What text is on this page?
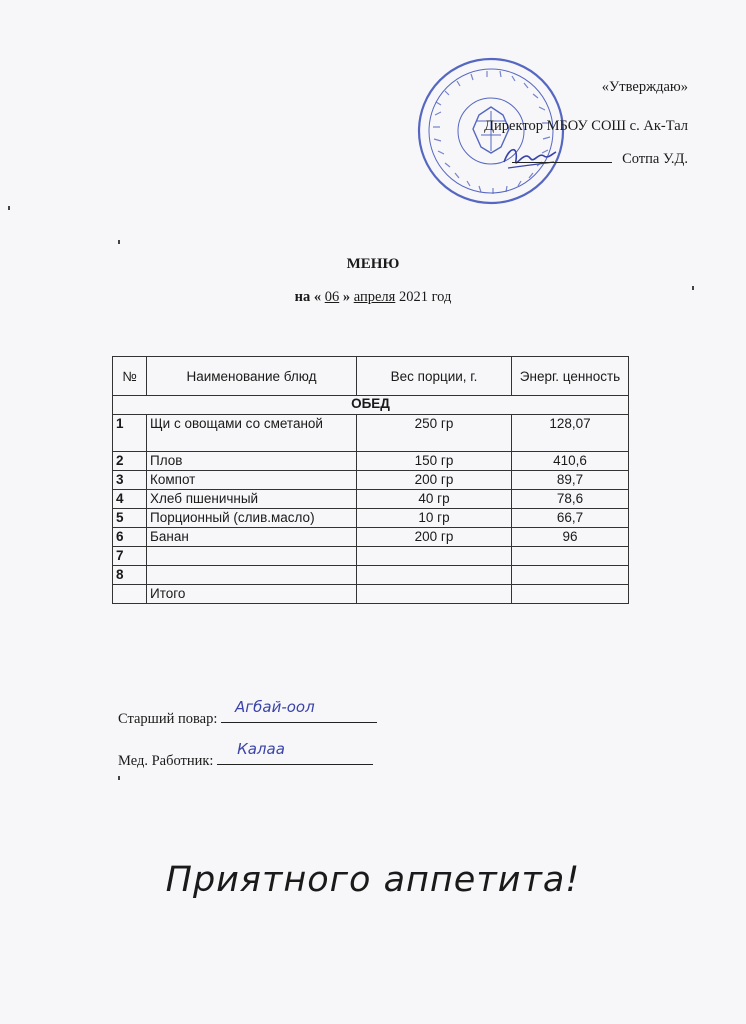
«Утверждаю»
Директор МБОУ СОШ с. Ак-Тал
Сотпа У.Д.
МЕНЮ
на « 06 » апреля 2021 год
№	Наименование блюд	Вес порции, г.	Энерг. ценность
ОБЕД			
1	Щи с овощами со сметаной	250 гр	128,07
2	Плов	150 гр	410,6
3	Компот	200 гр	89,7
4	Хлеб пшеничный	40 гр	78,6
5	Порционный (слив.масло)	10 гр	66,7
6	Банан	200 гр	96
7			
8			
	Итого		
Старший повар:
Агбай-оол
Мед. Работник:
Калаа
Приятного аппетита!
